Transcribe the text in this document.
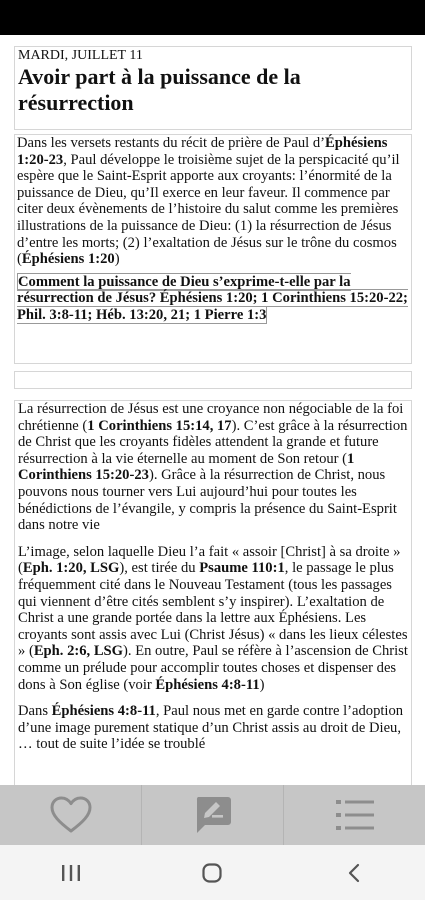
MARDI, JUILLET 11
Avoir part à la puissance de la résurrection

Dans les versets restants du récit de prière de Paul d’Éphésiens 1:20-23, Paul développe le troisième sujet de la perspicacité qu’il espère que le Saint-Esprit apporte aux croyants: l’énormité de la puissance de Dieu, qu’Il exerce en leur faveur. Il commence par citer deux évènements de l’histoire du salut comme les premières illustrations de la puissance de Dieu: (1) la résurrection de Jésus d’entre les morts; (2) l’exaltation de Jésus sur le trône du cosmos (Éphésiens 1:20)

Comment la puissance de Dieu s’exprime-t-elle par la résurrection de Jésus? Éphésiens 1:20; 1 Corinthiens 15:20-22; Phil. 3:8-11; Héb. 13:20, 21; 1 Pierre 1:3

La résurrection de Jésus est une croyance non négociable de la foi chrétienne (1 Corinthiens 15:14, 17). C’est grâce à la résurrection de Christ que les croyants fidèles attendent la grande et future résurrection à la vie éternelle au moment de Son retour (1 Corinthiens 15:20-23). Grâce à la résurrection de Christ, nous pouvons nous tourner vers Lui aujourd’hui pour toutes les bénédictions de l’évangile, y compris la présence du Saint-Esprit dans notre vie

L’image, selon laquelle Dieu l’a fait « assoir [Christ] à sa droite » (Eph. 1:20, LSG), est tirée du Psaume 110:1, le passage le plus fréquemment cité dans le Nouveau Testament (tous les passages qui viennent d’être cités semblent s’y inspirer). L’exaltation de Christ a une grande portée dans la lettre aux Éphésiens. Les croyants sont assis avec Lui (Christ Jésus) « dans les lieux célestes » (Eph. 2:6, LSG). En outre, Paul se réfère à l’ascension de Christ comme un prélude pour accomplir toutes choses et dispenser des dons à Son église (voir Éphésiens 4:8-11)

Dans Éphésiens 4:8-11, Paul nous met en garde contre l’adoption d’une image purement statique d’un Christ assis au droit de Dieu, … tout de suite l’idée se troublé
